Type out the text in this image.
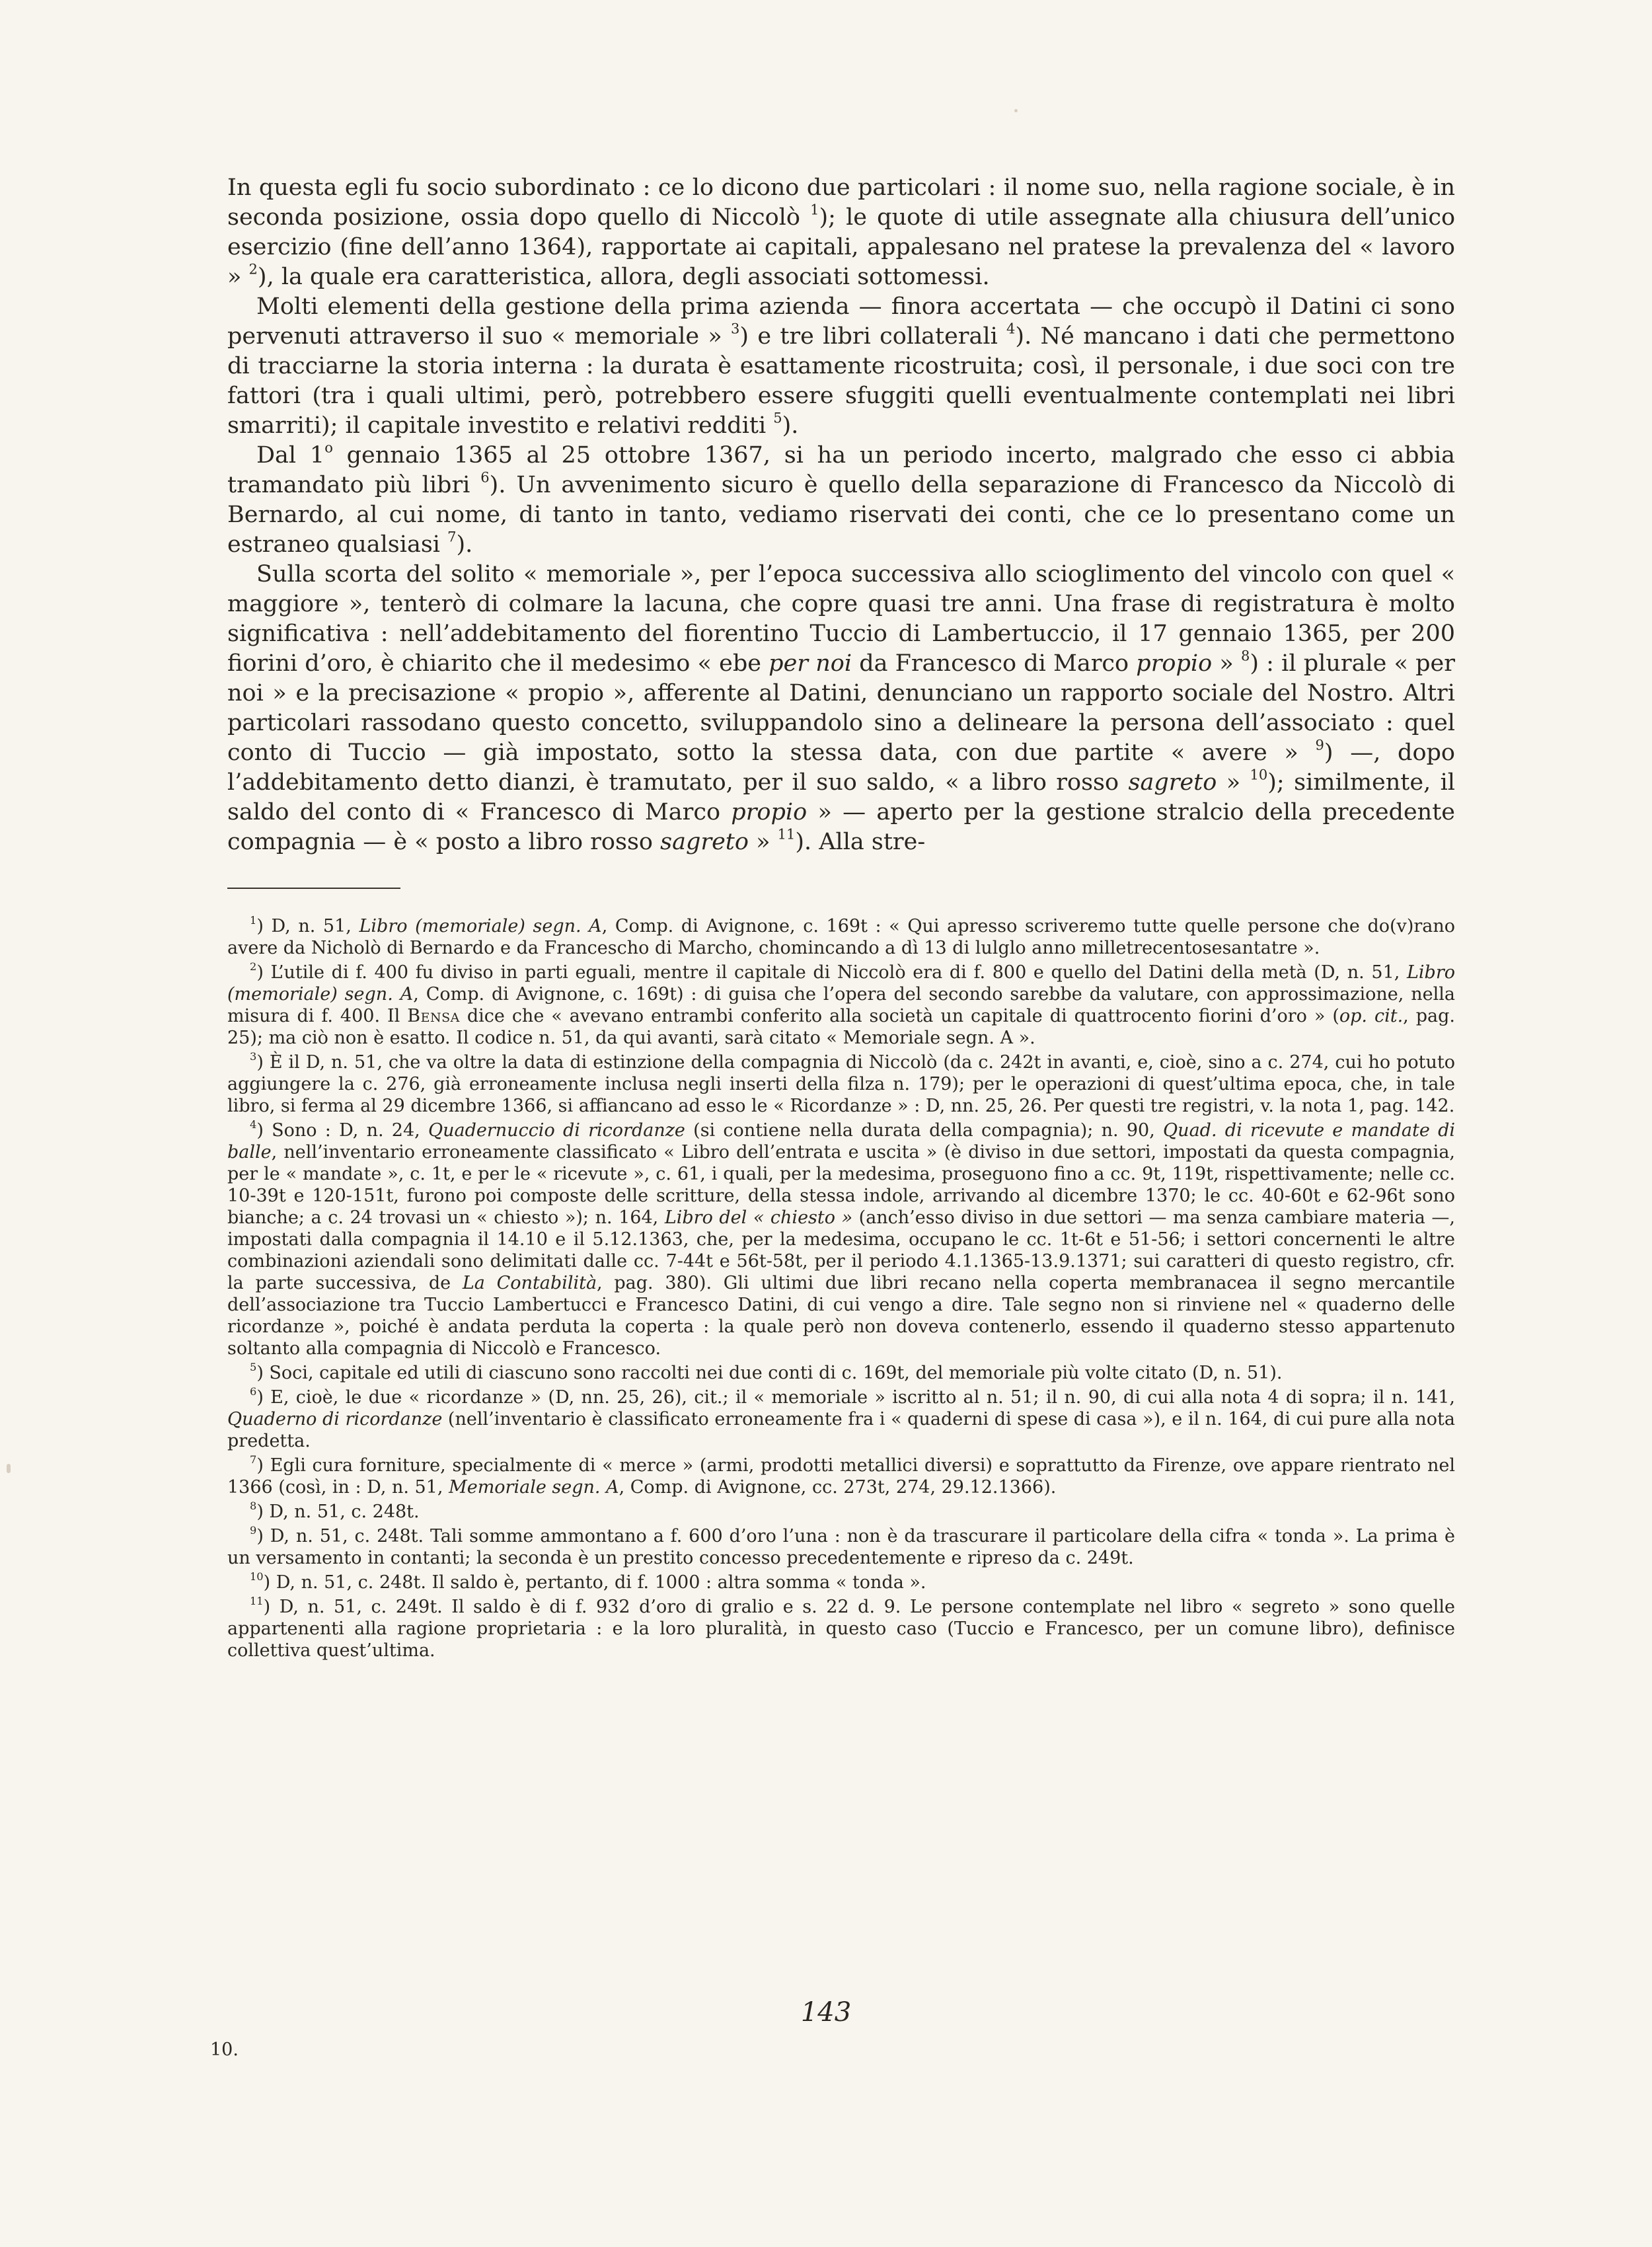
In questa egli fu socio subordinato : ce lo dicono due particolari : il nome suo, nella ragione sociale, è in seconda posizione, ossia dopo quello di Niccolò $^1$); le quote di utile assegnate alla chiusura dell’unico esercizio (fine dell’anno 1364), rapportate ai capitali, appalesano nel pratese la prevalenza del « lavoro » $^2$), la quale era caratteristica, allora, degli associati sottomessi.

Molti elementi della gestione della prima azienda — finora accertata — che occupò il Datini ci sono pervenuti attraverso il suo « memoriale » $^3$) e tre libri collaterali $^4$). Né mancano i dati che permettono di tracciarne la storia interna : la durata è esattamente ricostruita; così, il personale, i due soci con tre fattori (tra i quali ultimi, però, potrebbero essere sfuggiti quelli eventualmente contemplati nei libri smarriti); il capitale investito e relativi redditi $^5$).

Dal 1$^o$ gennaio 1365 al 25 ottobre 1367, si ha un periodo incerto, malgrado che esso ci abbia tramandato più libri $^6$). Un avvenimento sicuro è quello della separazione di Francesco da Niccolò di Bernardo, al cui nome, di tanto in tanto, vediamo riservati dei conti, che ce lo presentano come un estraneo qualsiasi $^7$).

Sulla scorta del solito « memoriale », per l’epoca successiva allo scioglimento del vincolo con quel « maggiore », tenterò di colmare la lacuna, che copre quasi tre anni. Una frase di registratura è molto significativa : nell’addebitamento del fiorentino Tuccio di Lambertuccio, il 17 gennaio 1365, per 200 fiorini d’oro, è chiarito che il medesimo « ebe per noi da Francesco di Marco propio » $^8$) : il plurale « per noi » e la precisazione « propio », afferente al Datini, denunciano un rapporto sociale del Nostro. Altri particolari rassodano questo concetto, sviluppandolo sino a delineare la persona dell’associato : quel conto di Tuccio — già impostato, sotto la stessa data, con due partite « avere » $^9$) —, dopo l’addebitamento detto dianzi, è tramutato, per il suo saldo, « a libro rosso sagreto » $^{10}$); similmente, il saldo del conto di « Francesco di Marco propio » — aperto per la gestione stralcio della precedente compagnia — è « posto a libro rosso sagreto » $^{11}$). Alla stre-

$^1$) D, n. 51, Libro (memoriale) segn. A, Comp. di Avignone, c. 169t : « Qui apresso scriveremo tutte quelle persone che do(v)rano avere da Nicholò di Bernardo e da Francescho di Marcho, chomincando a dì 13 di lulglo anno milletrecentosesantatre ».

$^2$) L’utile di f. 400 fu diviso in parti eguali, mentre il capitale di Niccolò era di f. 800 e quello del Datini della metà (D, n. 51, Libro (memoriale) segn. A, Comp. di Avignone, c. 169t) : di guisa che l’opera del secondo sarebbe da valutare, con approssimazione, nella misura di f. 400. Il Bensa dice che « avevano entrambi conferito alla società un capitale di quattrocento fiorini d’oro » (op. cit., pag. 25); ma ciò non è esatto. Il codice n. 51, da qui avanti, sarà citato « Memoriale segn. A ».

$^3$) È il D, n. 51, che va oltre la data di estinzione della compagnia di Niccolò (da c. 242t in avanti, e, cioè, sino a c. 274, cui ho potuto aggiungere la c. 276, già erroneamente inclusa negli inserti della filza n. 179); per le operazioni di quest’ultima epoca, che, in tale libro, si ferma al 29 dicembre 1366, si affiancano ad esso le « Ricordanze » : D, nn. 25, 26. Per questi tre registri, v. la nota 1, pag. 142.

$^4$) Sono : D, n. 24, Quadernuccio di ricordanze (si contiene nella durata della compagnia); n. 90, Quad. di ricevute e mandate di balle, nell’inventario erroneamente classificato « Libro dell’entrata e uscita » (è diviso in due settori, impostati da questa compagnia, per le « mandate », c. 1t, e per le « ricevute », c. 61, i quali, per la medesima, proseguono fino a cc. 9t, 119t, rispettivamente; nelle cc. 10-39t e 120-151t, furono poi composte delle scritture, della stessa indole, arrivando al dicembre 1370; le cc. 40-60t e 62-96t sono bianche; a c. 24 trovasi un « chiesto »); n. 164, Libro del « chiesto » (anch’esso diviso in due settori — ma senza cambiare materia —, impostati dalla compagnia il 14.10 e il 5.12.1363, che, per la medesima, occupano le cc. 1t-6t e 51-56; i settori concernenti le altre combinazioni aziendali sono delimitati dalle cc. 7-44t e 56t-58t, per il periodo 4.1.1365-13.9.1371; sui caratteri di questo registro, cfr. la parte successiva, de La Contabilità, pag. 380). Gli ultimi due libri recano nella coperta membranacea il segno mercantile dell’associazione tra Tuccio Lambertucci e Francesco Datini, di cui vengo a dire. Tale segno non si rinviene nel « quaderno delle ricordanze », poiché è andata perduta la coperta : la quale però non doveva contenerlo, essendo il quaderno stesso appartenuto soltanto alla compagnia di Niccolò e Francesco.

$^5$) Soci, capitale ed utili di ciascuno sono raccolti nei due conti di c. 169t, del memoriale più volte citato (D, n. 51).

$^6$) E, cioè, le due « ricordanze » (D, nn. 25, 26), cit.; il « memoriale » iscritto al n. 51; il n. 90, di cui alla nota 4 di sopra; il n. 141, Quaderno di ricordanze (nell’inventario è classificato erroneamente fra i « quaderni di spese di casa »), e il n. 164, di cui pure alla nota predetta.

$^7$) Egli cura forniture, specialmente di « merce » (armi, prodotti metallici diversi) e soprattutto da Firenze, ove appare rientrato nel 1366 (così, in : D, n. 51, Memoriale segn. A, Comp. di Avignone, cc. 273t, 274, 29.12.1366).

$^8$) D, n. 51, c. 248t.

$^9$) D, n. 51, c. 248t. Tali somme ammontano a f. 600 d’oro l’una : non è da trascurare il particolare della cifra « tonda ». La prima è un versamento in contanti; la seconda è un prestito concesso precedentemente e ripreso da c. 249t.

$^{10}$) D, n. 51, c. 248t. Il saldo è, pertanto, di f. 1000 : altra somma « tonda ».

$^{11}$) D, n. 51, c. 249t. Il saldo è di f. 932 d’oro di gralio e s. 22 d. 9. Le persone contemplate nel libro « segreto » sono quelle appartenenti alla ragione proprietaria : e la loro pluralità, in questo caso (Tuccio e Francesco, per un comune libro), definisce collettiva quest’ultima.

143
10.
